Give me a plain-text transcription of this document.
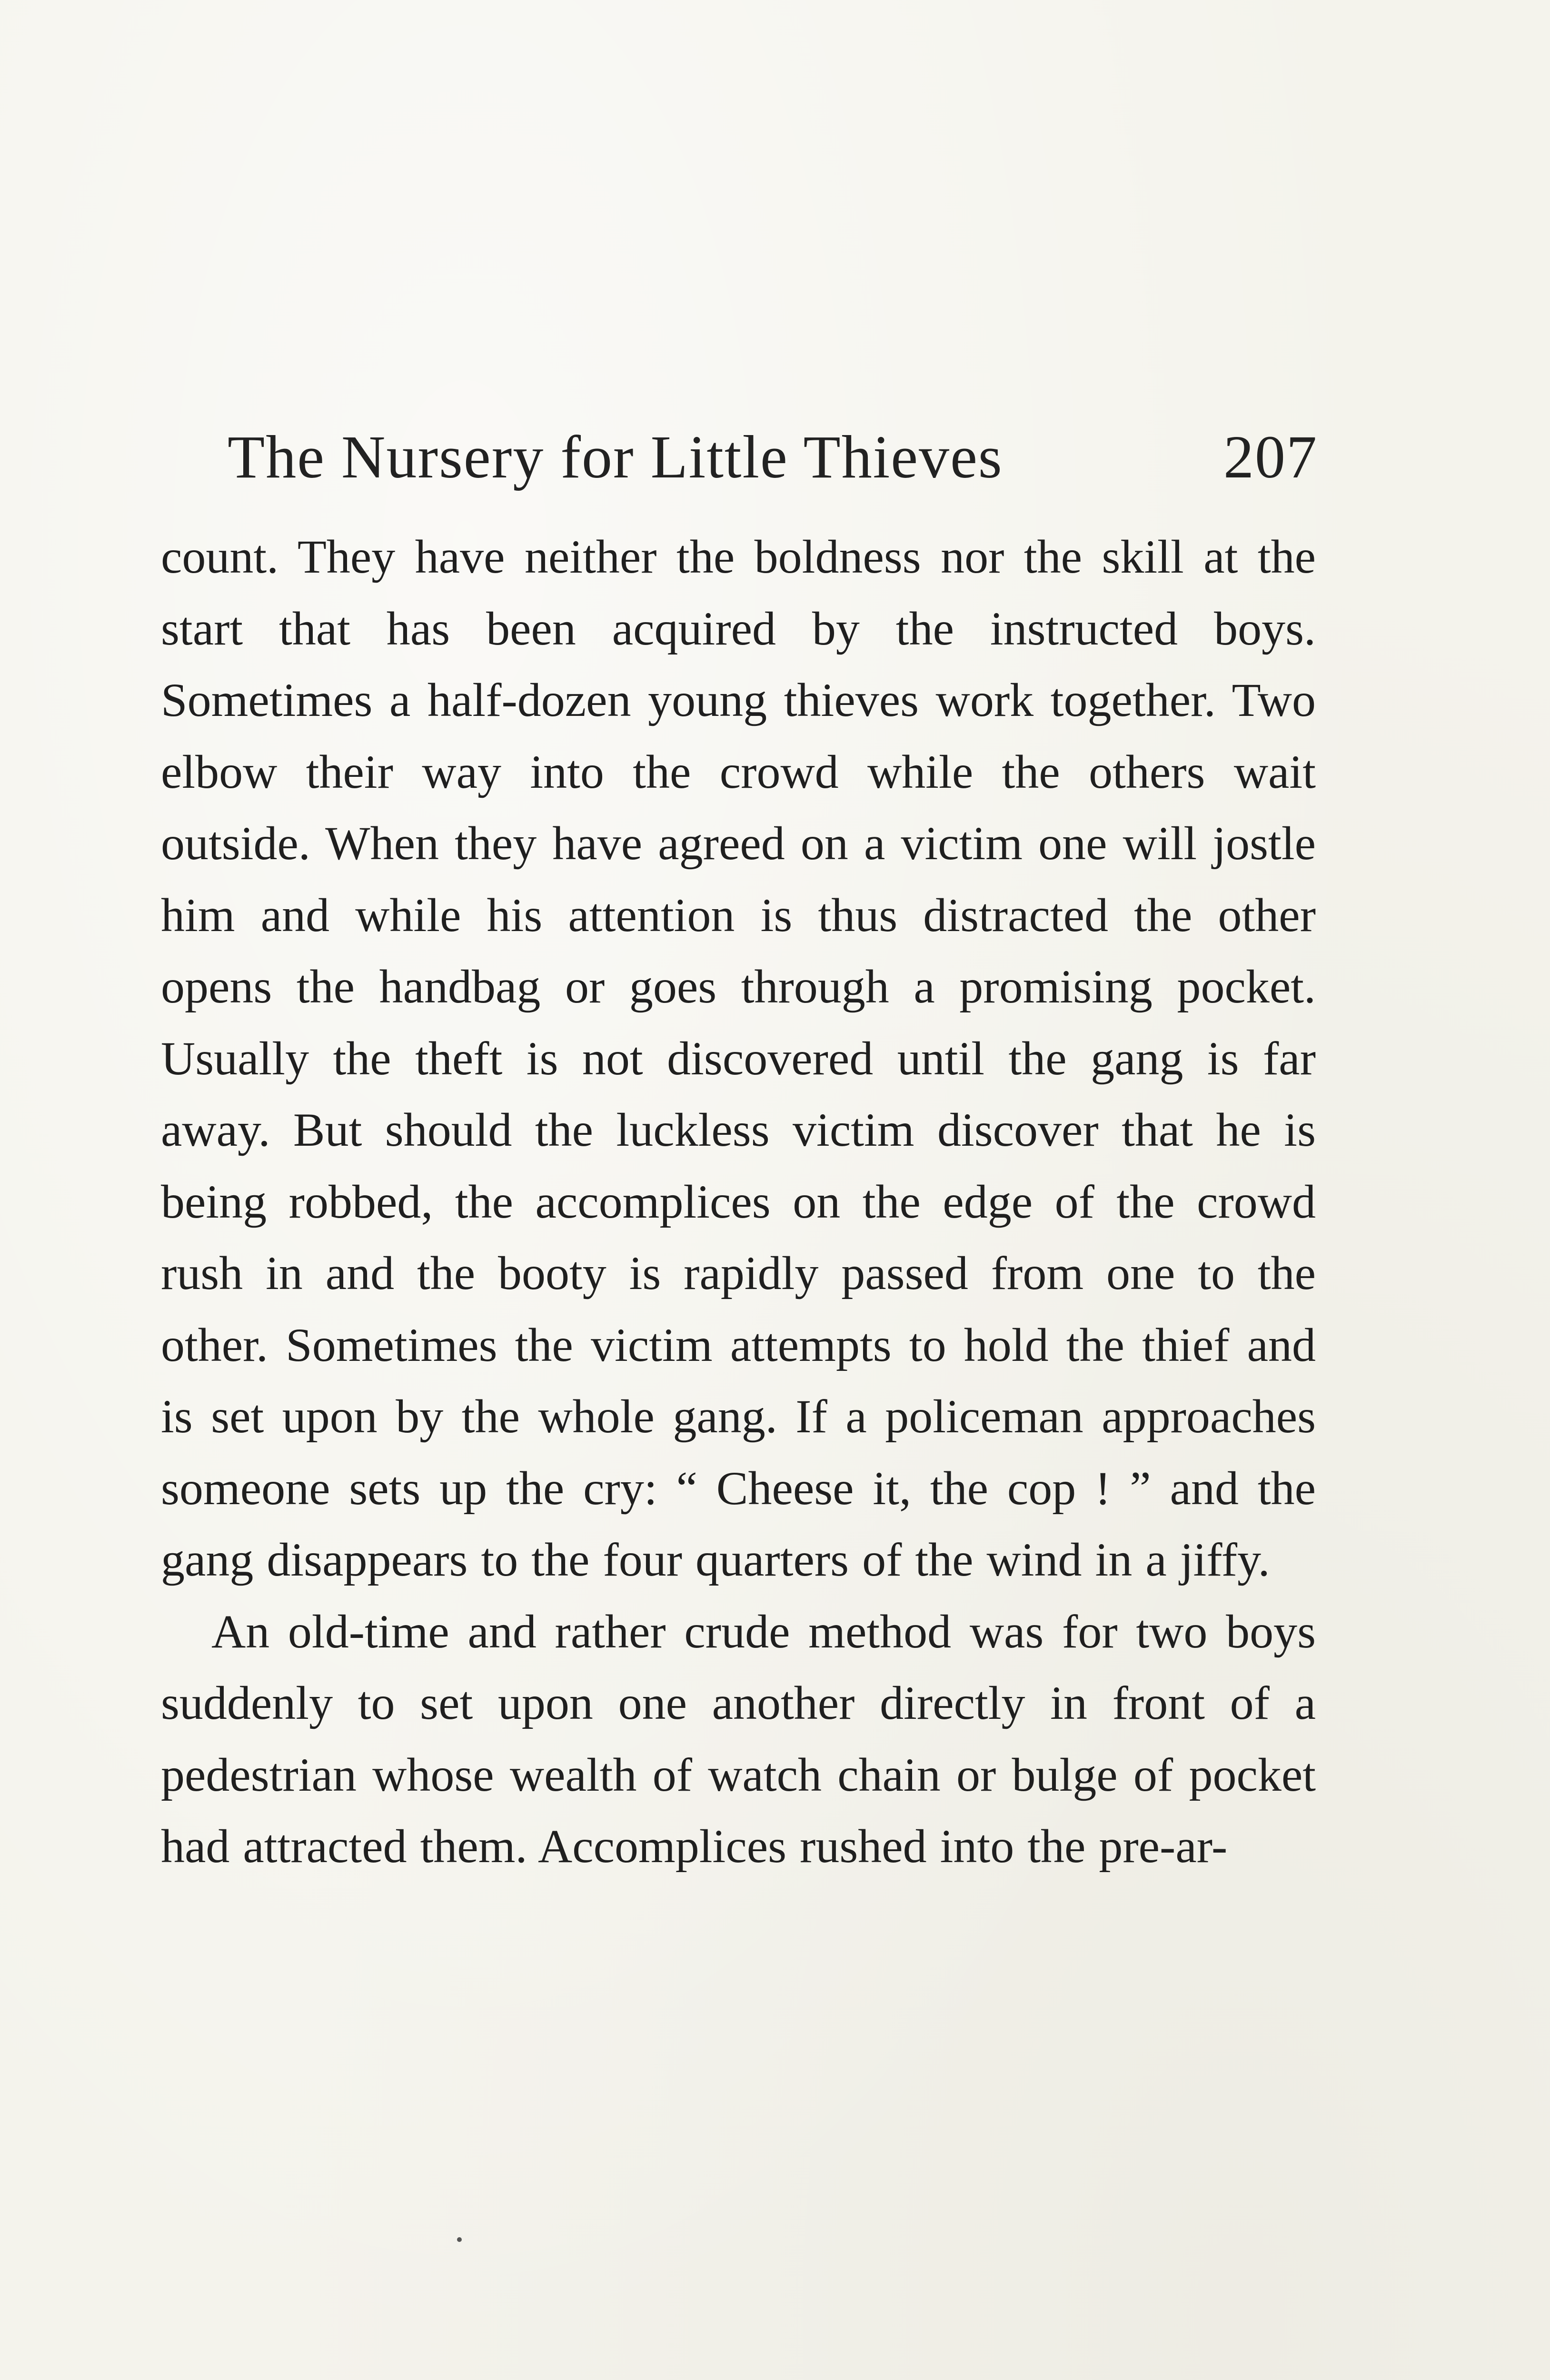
The Nursery for Little Thieves	207

count. They have neither the boldness nor the skill at the start that has been acquired by the instructed boys. Sometimes a half-dozen young thieves work together. Two elbow their way into the crowd while the others wait outside. When they have agreed on a victim one will jostle him and while his attention is thus distracted the other opens the handbag or goes through a promising pocket. Usually the theft is not discovered until the gang is far away. But should the luckless victim discover that he is being robbed, the accomplices on the edge of the crowd rush in and the booty is rapidly passed from one to the other. Sometimes the victim attempts to hold the thief and is set upon by the whole gang. If a policeman approaches someone sets up the cry: “ Cheese it, the cop ! ” and the gang disappears to the four quarters of the wind in a jiffy.

An old-time and rather crude method was for two boys suddenly to set upon one another directly in front of a pedestrian whose wealth of watch chain or bulge of pocket had attracted them. Accomplices rushed into the pre-ar-
